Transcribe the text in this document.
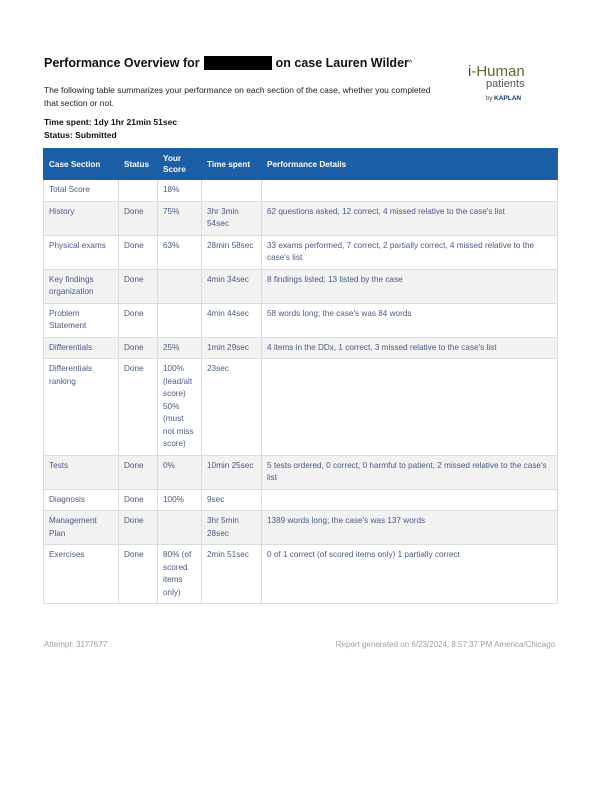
Performance Overview for	on case Lauren Wilder ^	i-Human
patients
by KAPLAN
The following table summarizes your performance on each section of the case, whether you completed that section or not.
Time spent: 1dy 1hr 21min 51sec
Status: Submitted
Case Section	Status	Your Score	Time spent	Performance Details
Total Score		18%		
History	Done	75%	3hr 3min 54sec	62 questions asked, 12 correct, 4 missed relative to the case's list
Physical exams	Done	63%	28min 58sec	33 exams performed, 7 correct, 2 partially correct, 4 missed relative to the case's list
Key findings organization	Done		4min 34sec	8 findings listed; 13 listed by the case
Problem Statement	Done		4min 44sec	58 words long; the case's was 84 words
Differentials	Done	25%	1min 29sec	4 items in the DDx, 1 correct, 3 missed relative to the case's list
Differentials ranking	Done	100% (lead/alt score) 50% (must not miss score)	23sec	
Tests	Done	0%	10min 25sec	5 tests ordered, 0 correct, 0 harmful to patient, 2 missed relative to the case's list
Diagnosis	Done	100%	9sec	
Management Plan	Done		3hr 5min 28sec	1389 words long; the case's was 137 words
Exercises	Done	80% (of scored items only)	2min 51sec	0 of 1 correct (of scored items only) 1 partially correct
Attempt: 3177677	Report generated on 6/23/2024, 8:57:37 PM America/Chicago
